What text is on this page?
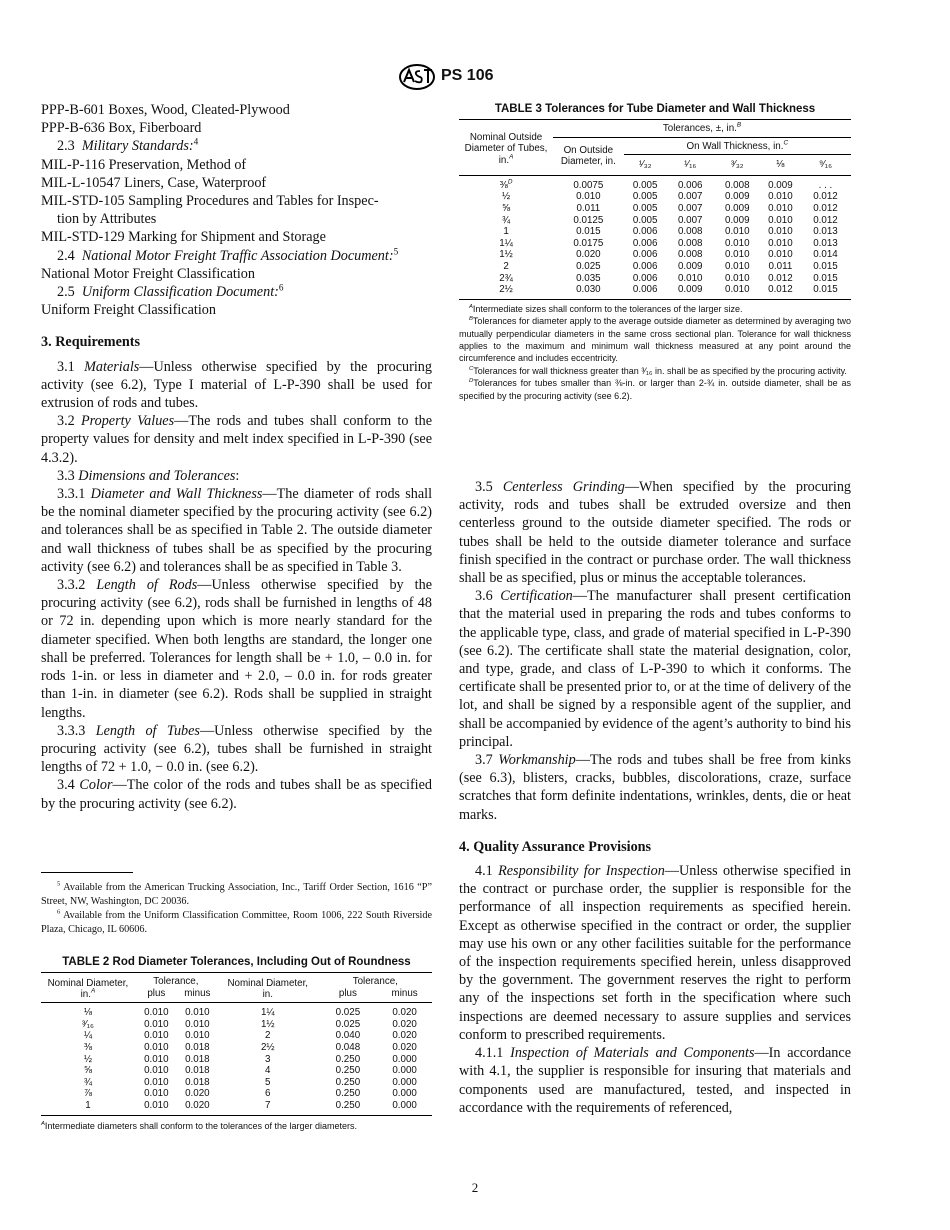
PS 106

PPP-B-601 Boxes, Wood, Cleated-Plywood

PPP-B-636 Box, Fiberboard

2.3 Military Standards:$^4$

MIL-P-116 Preservation, Method of

MIL-L-10547 Liners, Case, Waterproof

MIL-STD-105 Sampling Procedures and Tables for Inspec-

tion by Attributes

MIL-STD-129 Marking for Shipment and Storage

2.4 National Motor Freight Traffic Association Document:$^5$

National Motor Freight Classification

2.5 Uniform Classification Document:$^6$

Uniform Freight Classification

3. Requirements

3.1 Materials—Unless otherwise specified by the procuring activity (see 6.2), Type I material of L-P-390 shall be used for extrusion of rods and tubes.

3.2 Property Values—The rods and tubes shall conform to the property values for density and melt index specified in L-P-390 (see 4.3.2).

3.3 Dimensions and Tolerances:

3.3.1 Diameter and Wall Thickness—The diameter of rods shall be the nominal diameter specified by the procuring activity (see 6.2) and tolerances shall be as specified in Table 2. The outside diameter and wall thickness of tubes shall be as specified by the procuring activity (see 6.2) and tolerances shall be as specified in Table 3.

3.3.2 Length of Rods—Unless otherwise specified by the procuring activity (see 6.2), rods shall be furnished in lengths of 48 or 72 in. depending upon which is more nearly standard for the diameter specified. When both lengths are standard, the longer one shall be preferred. Tolerances for length shall be + 1.0, – 0.0 in. for rods 1-in. or less in diameter and + 2.0, – 0.0 in. for rods greater than 1-in. in diameter (see 6.2). Rods shall be supplied in straight lengths.

3.3.3 Length of Tubes—Unless otherwise specified by the procuring activity (see 6.2), tubes shall be furnished in straight lengths of 72 + 1.0, − 0.0 in. (see 6.2).

3.4 Color—The color of the rods and tubes shall be as specified by the procuring activity (see 6.2).

$^5$ Available from the American Trucking Association, Inc., Tariff Order Section, 1616 “P” Street, NW, Washington, DC 20036.

$^6$ Available from the Uniform Classification Committee, Room 1006, 222 South Riverside Plaza, Chicago, IL 60606.

TABLE 2 Rod Diameter Tolerances, Including Out of Roundness

Nominal Diameter,
in.$^A$	Tolerance,		Nominal Diameter,
in.	Tolerance,	
	plus	minus		plus	minus
⅛	0.010	0.010	1¼	0.025	0.020
³⁄₁₆	0.010	0.010	1½	0.025	0.020
¼	0.010	0.010	2	0.040	0.020
⅜	0.010	0.018	2½	0.048	0.020
½	0.010	0.018	3	0.250	0.000
⅝	0.010	0.018	4	0.250	0.000
¾	0.010	0.018	5	0.250	0.000
⅞	0.010	0.020	6	0.250	0.000
1	0.010	0.020	7	0.250	0.000

$^A$Intermediate diameters shall conform to the tolerances of the larger diameters.

TABLE 3 Tolerances for Tube Diameter and Wall Thickness

Nominal Outside Diameter of Tubes, in.$^A$	Tolerances, ±, in.$^B$
	On Outside Diameter, in.	On Wall Thickness, in.$^C$
		¹⁄₃₂	¹⁄₁₆	³⁄₃₂	⅛	⁹⁄₁₆
⅜$^D$	0.0075	0.005	0.006	0.008	0.009	. . .
½	0.010	0.005	0.007	0.009	0.010	0.012
⅝	0.011	0.005	0.007	0.009	0.010	0.012
¾	0.0125	0.005	0.007	0.009	0.010	0.012
1	0.015	0.006	0.008	0.010	0.010	0.013
1¼	0.0175	0.006	0.008	0.010	0.010	0.013
1½	0.020	0.006	0.008	0.010	0.010	0.014
2	0.025	0.006	0.009	0.010	0.011	0.015
2¾	0.035	0.006	0.010	0.010	0.012	0.015
2½	0.030	0.006	0.009	0.010	0.012	0.015

$^A$Intermediate sizes shall conform to the tolerances of the larger size.

$^B$Tolerances for diameter apply to the average outside diameter as determined by averaging two mutually perpendicular diameters in the same cross sectional plan. Tolerance for wall thickness applies to the maximum and minimum wall thickness measured at any point around the circumference and includes eccentricity.

$^C$Tolerances for wall thickness greater than ³⁄₁₆ in. shall be as specified by the procuring activity.

$^D$Tolerances for tubes smaller than ⅜-in. or larger than 2-¾ in. outside diameter, shall be as specified by the procuring activity (see 6.2).

3.5 Centerless Grinding—When specified by the procuring activity, rods and tubes shall be extruded oversize and then centerless ground to the outside diameter specified. The rods or tubes shall be held to the outside diameter tolerance and surface finish specified in the contract or purchase order. The wall thickness shall be as specified, plus or minus the acceptable tolerances.

3.6 Certification—The manufacturer shall present certification that the material used in preparing the rods and tubes conforms to the applicable type, class, and grade of material specified in L-P-390 (see 6.2). The certificate shall state the material designation, color, and type, grade, and class of L-P-390 to which it conforms. The certificate shall be presented prior to, or at the time of delivery of the lot, and shall be signed by a responsible agent of the supplier, and shall be accompanied by evidence of the agent’s authority to bind his principal.

3.7 Workmanship—The rods and tubes shall be free from kinks (see 6.3), blisters, cracks, bubbles, discolorations, craze, surface scratches that form definite indentations, wrinkles, dents, die or heat marks.

4. Quality Assurance Provisions

4.1 Responsibility for Inspection—Unless otherwise specified in the contract or purchase order, the supplier is responsible for the performance of all inspection requirements as specified herein. Except as otherwise specified in the contract or order, the supplier may use his own or any other facilities suitable for the performance of the inspection requirements specified herein, unless disapproved by the government. The government reserves the right to perform any of the inspections set forth in the specification where such inspections are deemed necessary to assure supplies and services conform to prescribed requirements.

4.1.1 Inspection of Materials and Components—In accordance with 4.1, the supplier is responsible for insuring that materials and components used are manufactured, tested, and inspected in accordance with the requirements of referenced,

2
